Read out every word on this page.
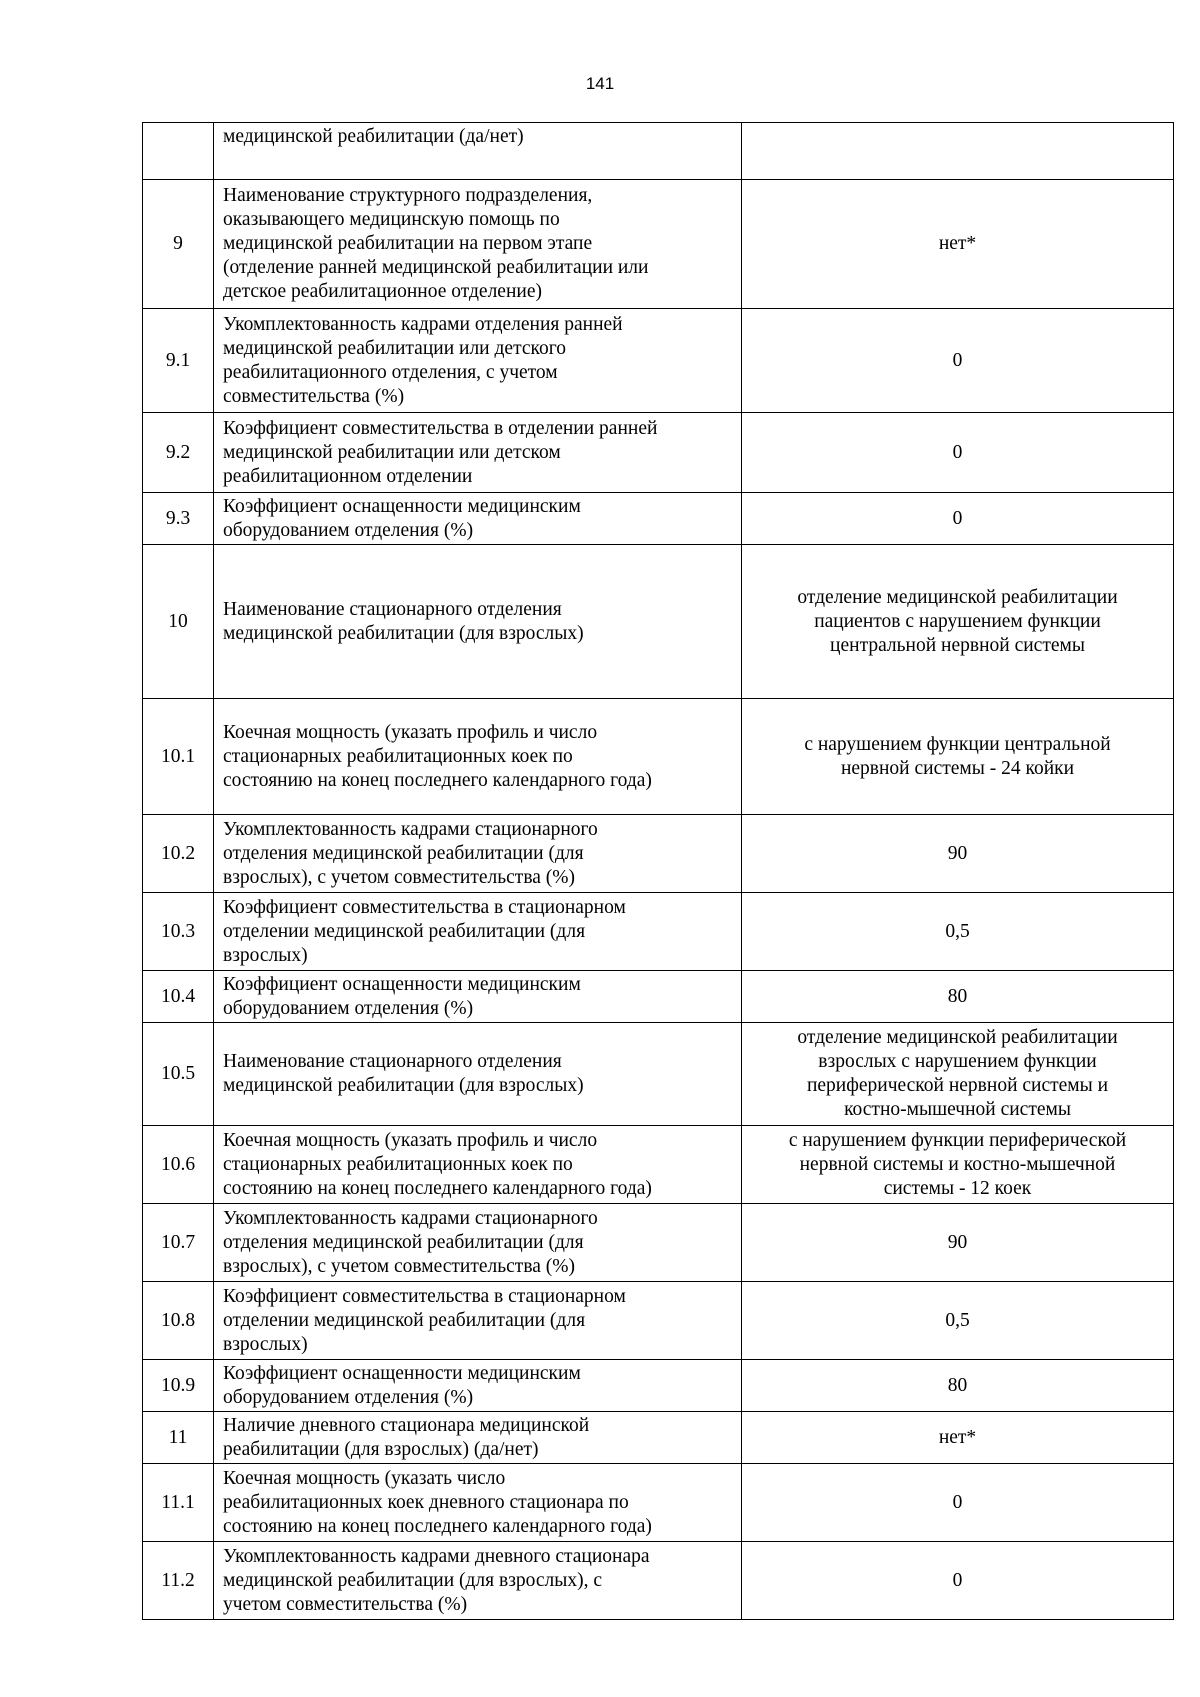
141

	медицинской реабилитации (да/нет)	

9	Наименование структурного подразделения,
оказывающего медицинскую помощь по
медицинской реабилитации на первом этапе
(отделение ранней медицинской реабилитации или
детское реабилитационное отделение)	нет*

9.1	Укомплектованность кадрами отделения ранней
медицинской реабилитации или детского
реабилитационного отделения, с учетом
совместительства (%)	0

9.2	Коэффициент совместительства в отделении ранней
медицинской реабилитации или детском
реабилитационном отделении	0

9.3	Коэффициент оснащенности медицинским
оборудованием отделения (%)	0

10	Наименование стационарного отделения
медицинской реабилитации (для взрослых)	отделение медицинской реабилитации
пациентов с нарушением функции
центральной нервной системы

10.1	Коечная мощность (указать профиль и число
стационарных реабилитационных коек по
состоянию на конец последнего календарного года)	с нарушением функции центральной
нервной системы - 24 койки

10.2	Укомплектованность кадрами стационарного
отделения медицинской реабилитации (для
взрослых), с учетом совместительства (%)	90

10.3	Коэффициент совместительства в стационарном
отделении медицинской реабилитации (для
взрослых)	0,5

10.4	Коэффициент оснащенности медицинским
оборудованием отделения (%)	80

10.5	Наименование стационарного отделения
медицинской реабилитации (для взрослых)	отделение медицинской реабилитации
взрослых с нарушением функции
периферической нервной системы и
костно-мышечной системы

10.6	Коечная мощность (указать профиль и число
стационарных реабилитационных коек по
состоянию на конец последнего календарного года)	с нарушением функции периферической
нервной системы и костно-мышечной
системы - 12 коек

10.7	Укомплектованность кадрами стационарного
отделения медицинской реабилитации (для
взрослых), с учетом совместительства (%)	90

10.8	Коэффициент совместительства в стационарном
отделении медицинской реабилитации (для
взрослых)	0,5

10.9	Коэффициент оснащенности медицинским
оборудованием отделения (%)	80

11	Наличие дневного стационара медицинской
реабилитации (для взрослых) (да/нет)	нет*

11.1	Коечная мощность (указать число
реабилитационных коек дневного стационара по
состоянию на конец последнего календарного года)	0

11.2	Укомплектованность кадрами дневного стационара
медицинской реабилитации (для взрослых), с
учетом совместительства (%)	0
